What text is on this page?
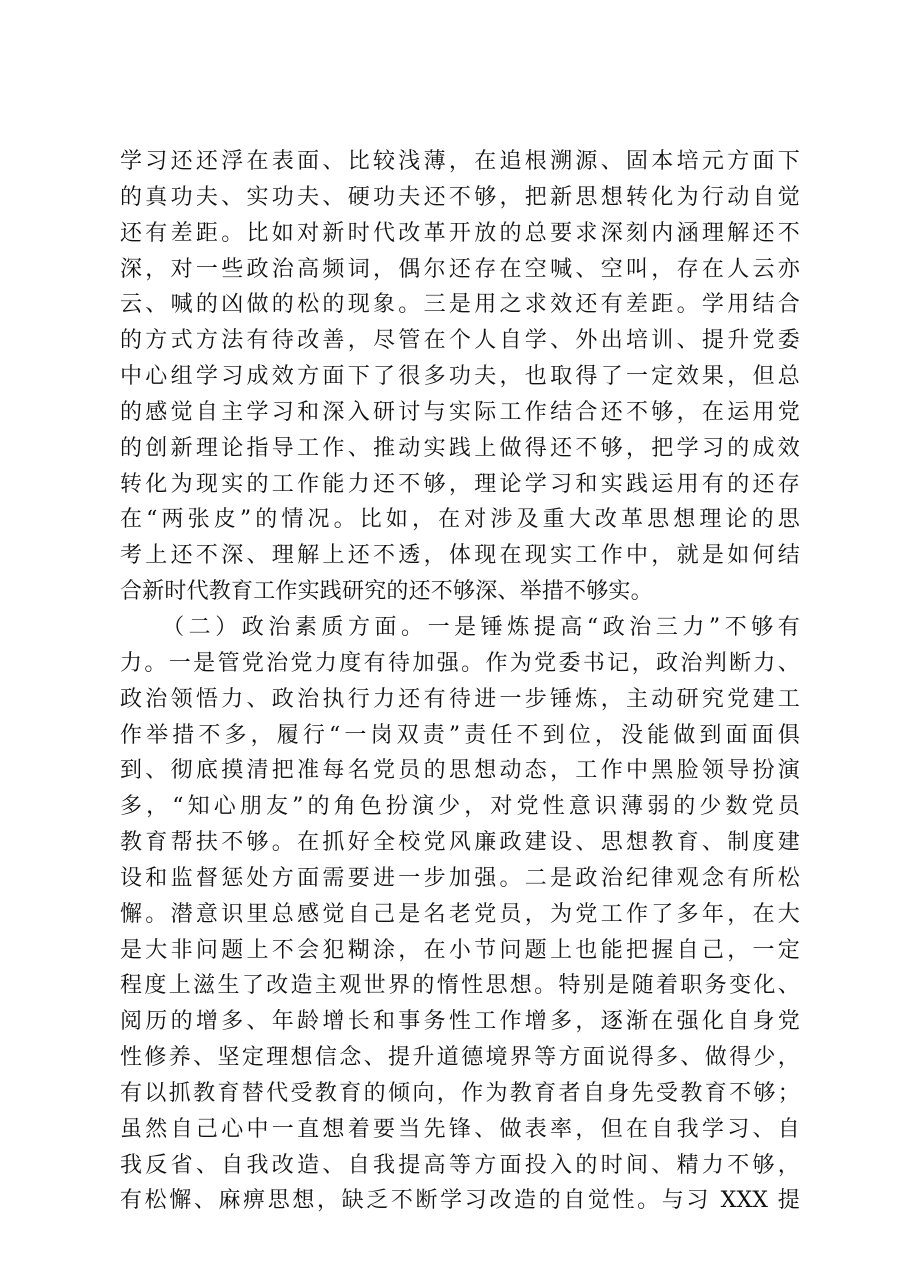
学习还还浮在表面、比较浅薄，在追根溯源、固本培元方面下
的真功夫、实功夫、硬功夫还不够，把新思想转化为行动自觉
还有差距。比如对新时代改革开放的总要求深刻内涵理解还不
深，对一些政治高频词，偶尔还存在空喊、空叫，存在人云亦
云、喊的凶做的松的现象。三是用之求效还有差距。学用结合
的方式方法有待改善，尽管在个人自学、外出培训、提升党委
中心组学习成效方面下了很多功夫，也取得了一定效果，但总
的感觉自主学习和深入研讨与实际工作结合还不够，在运用党
的创新理论指导工作、推动实践上做得还不够，把学习的成效
转化为现实的工作能力还不够，理论学习和实践运用有的还存
在“两张皮”的情况。比如，在对涉及重大改革思想理论的思
考上还不深、理解上还不透，体现在现实工作中，就是如何结
合新时代教育工作实践研究的还不够深、举措不够实。
　　（二）政治素质方面。一是锤炼提高“政治三力”不够有
力。一是管党治党力度有待加强。作为党委书记，政治判断力、
政治领悟力、政治执行力还有待进一步锤炼，主动研究党建工
作举措不多，履行“一岗双责”责任不到位，没能做到面面俱
到、彻底摸清把准每名党员的思想动态，工作中黑脸领导扮演
多，“知心朋友”的角色扮演少，对党性意识薄弱的少数党员
教育帮扶不够。在抓好全校党风廉政建设、思想教育、制度建
设和监督惩处方面需要进一步加强。二是政治纪律观念有所松
懈。潜意识里总感觉自己是名老党员，为党工作了多年，在大
是大非问题上不会犯糊涂，在小节问题上也能把握自己，一定
程度上滋生了改造主观世界的惰性思想。特别是随着职务变化、
阅历的增多、年龄增长和事务性工作增多，逐渐在强化自身党
性修养、坚定理想信念、提升道德境界等方面说得多、做得少，
有以抓教育替代受教育的倾向，作为教育者自身先受教育不够；
虽然自己心中一直想着要当先锋、做表率，但在自我学习、自
我反省、自我改造、自我提高等方面投入的时间、精力不够，
有松懈、麻痹思想，缺乏不断学习改造的自觉性。与习 XXX 提
